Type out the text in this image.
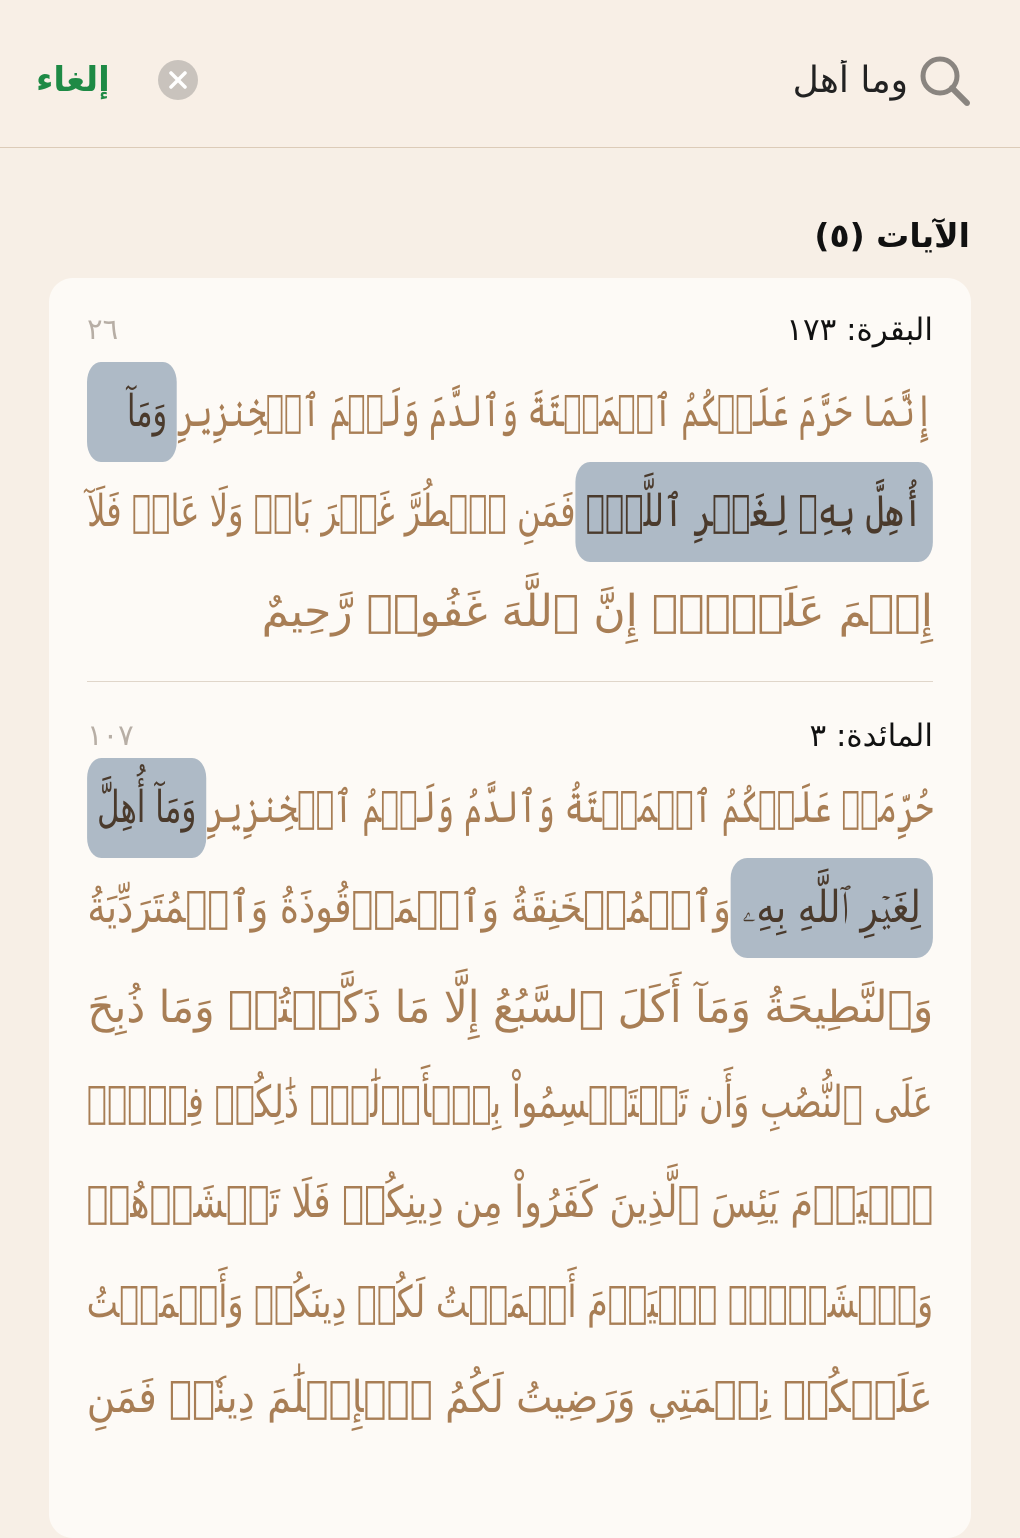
وما أهل
إلغاء
الآيات (٥)
البقرة: ١٧٣
٢٦
إِنَّمَا حَرَّمَ عَلَيۡكُمُ ٱلۡمَيۡتَةَ وَٱلدَّمَ وَلَحۡمَ ٱلۡخِنزِيرِوَمَآ
أُهِلَّ بِهِۦ لِغَيۡرِ ٱللَّهِۖفَمَنِ ٱضۡطُرَّ غَيۡرَ بَاغٖ وَلَا عَادٖ فَلَآ
إِثۡمَ عَلَيۡهِۚ إِنَّ ٱللَّهَ غَفُورٞ رَّحِيمٌ
المائدة: ٣
١٠٧
حُرِّمَتۡ عَلَيۡكُمُ ٱلۡمَيۡتَةُ وَٱلدَّمُ وَلَحۡمُ ٱلۡخِنزِيرِوَمَآ أُهِلَّ
لِغَيۡرِ ٱللَّهِ بِهِۦوَٱلۡمُنۡخَنِقَةُ وَٱلۡمَوۡقُوذَةُ وَٱلۡمُتَرَدِّيَةُ
وَٱلنَّطِيحَةُ وَمَآ أَكَلَ ٱلسَّبُعُ إِلَّا مَا ذَكَّيۡتُمۡ وَمَا ذُبِحَ
عَلَى ٱلنُّصُبِ وَأَن تَسۡتَقۡسِمُواْ بِٱلۡأَزۡلَٰمِۚ ذَٰلِكُمۡ فِسۡقٌۗ
ٱلۡيَوۡمَ يَئِسَ ٱلَّذِينَ كَفَرُواْ مِن دِينِكُمۡ فَلَا تَخۡشَوۡهُمۡ
وَٱخۡشَوۡنِۚ ٱلۡيَوۡمَ أَكۡمَلۡتُ لَكُمۡ دِينَكُمۡ وَأَتۡمَمۡتُ
عَلَيۡكُمۡ نِعۡمَتِي وَرَضِيتُ لَكُمُ ٱلۡإِسۡلَٰمَ دِينٗاۚ فَمَنِ
